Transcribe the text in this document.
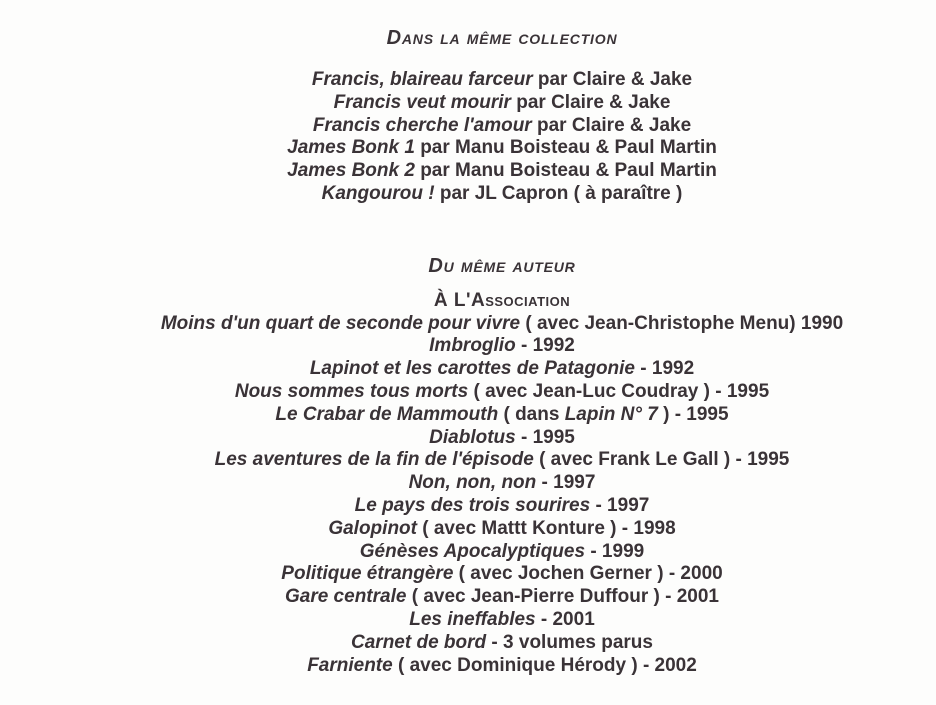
Dans la même collection
Francis, blaireau farceur par Claire & Jake
Francis veut mourir par Claire & Jake
Francis cherche l'amour par Claire & Jake
James Bonk 1 par Manu Boisteau & Paul Martin
James Bonk 2 par Manu Boisteau & Paul Martin
Kangourou ! par JL Capron ( à paraître )
Du même auteur
À L'Association
Moins d'un quart de seconde pour vivre ( avec Jean-Christophe Menu) 1990
Imbroglio - 1992
Lapinot et les carottes de Patagonie - 1992
Nous sommes tous morts ( avec Jean-Luc Coudray ) - 1995
Le Crabar de Mammouth ( dans Lapin N° 7 ) - 1995
Diablotus - 1995
Les aventures de la fin de l'épisode ( avec Frank Le Gall ) - 1995
Non, non, non - 1997
Le pays des trois sourires - 1997
Galopinot ( avec Mattt Konture ) - 1998
Génèses Apocalyptiques - 1999
Politique étrangère ( avec Jochen Gerner ) - 2000
Gare centrale ( avec Jean-Pierre Duffour ) - 2001
Les ineffables - 2001
Carnet de bord - 3 volumes parus
Farniente ( avec Dominique Hérody ) - 2002
